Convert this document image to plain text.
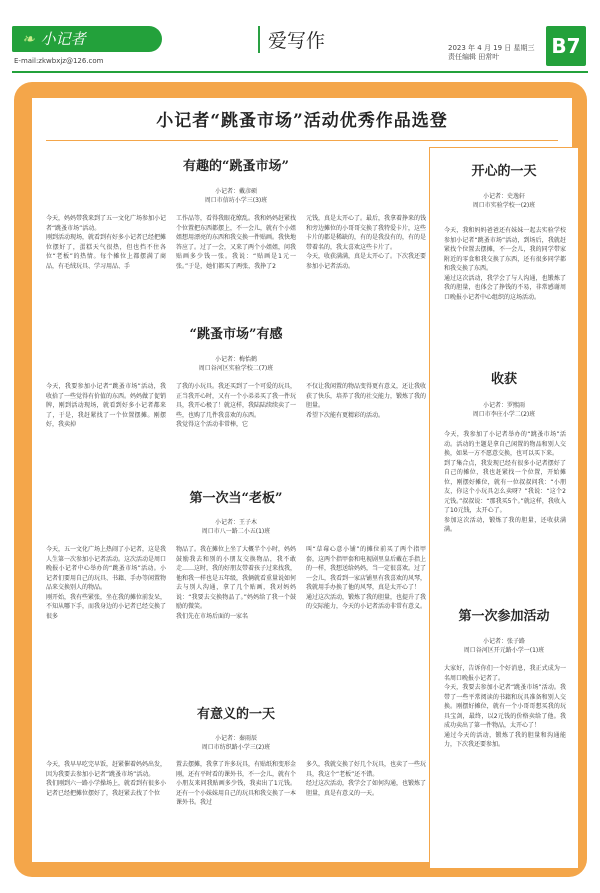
❧ 小记者
E-mail:zkwbxjz@126.com
爱写作	2023 年 4 月 19 日 星期三
责任编辑 田常叶	B7
小记者“跳蚤市场”活动优秀作品选登
有趣的“跳蚤市场”
小记者：戴彦硕
周口市信坊小学三(3)班
今天，妈妈带我来到了五一文化广场参加小记者“跳蚤市场”活动。
刚到活动现场，就看到有好多小记者已经把摊位摆好了，蛋糕天气很热，但也挡不住各位“老板”的热情。每个摊位上都摆满了商品，有毛绒玩具、学习用品、手
工作品等，看得我眼花缭乱。我和妈妈赶紧找个位置把东西都摆上，不一会儿，就有个小姐姐想用漂亮的东西和我交换一件贴画。我快地答应了。过了一会，又来了两个小姐姐，问我贴画多少钱一张。我说：“贴画是1元一张。”于是，她们都买了两张，我挣了2
元钱，真是太开心了。最后，我拿着挣来的钱和旁边摊位的小哥哥交换了我特爱卡片，这些卡片的都是稀缺的，有的是我没有的，有的是带着名的，我太喜欢这些卡片了。
今天，收获满满，真是太开心了。下次我还要参加小记者活动。
“跳蚤市场”有感
小记者：梅怡鹤
周口谷河区实验学校二(7)班
今天，我要参加小记者“跳蚤市场”活动，我收拾了一些觉得有价值的东西。妈妈做了促销牌，刚到活动现场，就看到好多小记者都来了，于是，我赶紧找了一个位置摆摊。刚摆好，我卖掉
了我的小玩具。我还买到了一个可爱的玩具，正当我开心时，又有一个小弟弟买了我一件玩具，我开心极了！就这样，我陆陆续续卖了一些，也购了几件我喜欢的东西。
我觉得这个活动非常棒，它
不仅让我闲置的物品变得更有意义，还让我收获了快乐，培养了我的社交能力，锻炼了我的胆量。
希望下次能有更精彩的活动。
第一次当“老板”
小记者：王子木
周口市八一路二小五(1)班
今天，五一文化广场上热闹了小记者，这是我人生第一次参加小记者活动。这次活动是周口晚报小记者中心举办的“跳蚤市场”活动。小记者们要用自己的玩具、书籍、手办等闲置物品来交换别人的物品。
刚开始，我有些紧张，坐在我的摊位前发呆，不知从哪下手，而我身边的小记者已经交换了很多
物品了。我在摊位上坐了大概半个小时，妈妈鼓励我去和别的小朋友交换物品，我不敢走……这时，我的好朋友带着孩子过来找我，他和我一样也是五年级，我俩就看重量说如何去与别人沟通，拿了几个贴画，我对妈妈说：“我要去交换物品了。”妈妈给了我一个鼓励的微笑。
我们先在市场后面的一家名
叫“草莓心意小铺”的摊位前买了两个指甲套，这两个指甲套和电视剧里皇后戴在手指上的一样，我想送给妈妈，当一定很喜欢。过了一会儿，我看到一家店铺里有我喜欢的风琴，我就用手办换了他的风琴，真是太开心了！
通过这次活动，锻炼了我的胆量，也提升了我的交际能力，今天的小记者活动非常有意义。
有意义的一天
小记者：秦雨辰
周口市纺织路小学三(2)班
今天，我早早吃完早饭，赶紧催着妈妈出发，因为我要去参加小记者“跳蚤市场”活动。
我们刚到六一路小学操场上，就看到有很多小记者已经把摊位摆好了，我赶紧去找了个位
置去摆摊，我拿了许多玩具，有贴纸和变形金刚，还有平时看的课外书，不一会儿，就有个小朋友来问我贴画多少钱，我卖出了1元钱。还有一个小妹妹用自己的玩具和我交换了一本课外书。我过
多久，我就交换了好几个玩具，也卖了一些玩具，我这个“老板”还不错。
经过这次活动，我学会了如何沟通，也锻炼了胆量，真是有意义的一天。
开心的一天
小记者：史逸轩
周口市实验学校一(2)班
今天，我和妈妈爸爸还有妹妹一起去实验学校参加小记者“跳蚤市场”活动，到场后，我就赶紧找个位置去摆摊，不一会儿，我的同学带家附近的零食和我交换了东西，还有很多同学都和我交换了东西。
通过这次活动，我学会了与人沟通，也锻炼了我的胆量，也体会了挣钱的不易，非常感谢周口晚报小记者中心组织的这场活动。
收获
小记者：罗熙雨
周口市李庄小学二(2)班
今天，我参加了小记者举办的“跳蚤市场”活动。活动的主题是拿自己闲置的物品和别人交换，如果一方不愿意交换，也可以买下来。
到了集合点，我发现已经有很多小记者摆好了自己的摊位，我也赶紧找一个位置，开始摊位，刚摆好摊位，就有一位叔叔问我：“小朋友，你这个小玩具怎么卖呀？”我说：“这个2元钱。”叔叔说：“那我买5个。”就这样，我收入了10元钱，太开心了。
参加这次活动，锻炼了我的胆量，还收获满满。
第一次参加活动
小记者：张子路
周口谷河区开元路小学一(1)班
大家好，告诉你们一个好消息，我正式成为一名周口晚报小记者了。
今天，我要去参加小记者“跳蚤市场”活动。我带了一些平常阅读的书籍和玩具准备和别人交换。刚摆好摊位，就有一个小哥哥想买我的玩具宝剑，最终，以2元钱的价格卖给了他。我成功卖出了第一件物品，太开心了！
通过今天的活动，锻炼了我的胆量和沟通能力，下次我还要参加。
